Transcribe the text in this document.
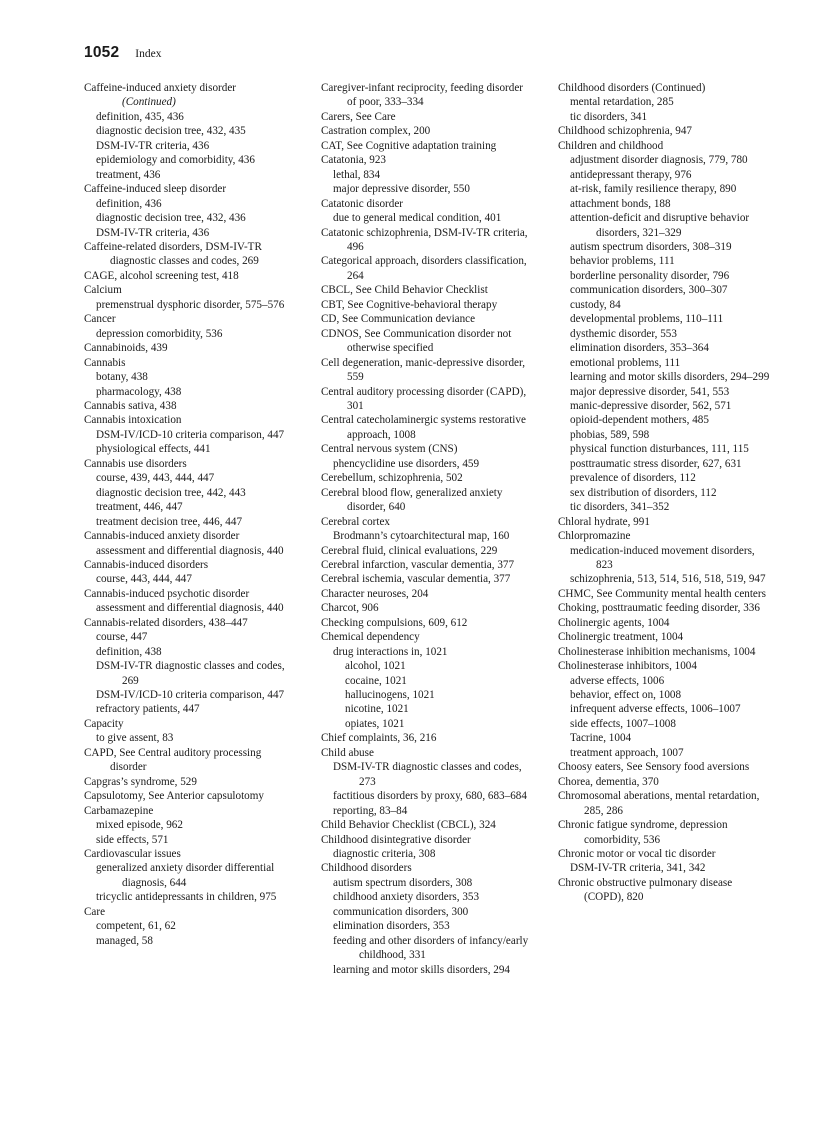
1052 Index
Caffeine-induced anxiety disorder
(Continued)
definition, 435, 436
diagnostic decision tree, 432, 435
DSM-IV-TR criteria, 436
epidemiology and comorbidity, 436
treatment, 436
Caffeine-induced sleep disorder
definition, 436
diagnostic decision tree, 432, 436
DSM-IV-TR criteria, 436
Caffeine-related disorders, DSM-IV-TR diagnostic classes and codes, 269
CAGE, alcohol screening test, 418
Calcium
premenstrual dysphoric disorder, 575–576
Cancer
depression comorbidity, 536
Cannabinoids, 439
Cannabis
botany, 438
pharmacology, 438
Cannabis sativa, 438
Cannabis intoxication
DSM-IV/ICD-10 criteria comparison, 447
physiological effects, 441
Cannabis use disorders
course, 439, 443, 444, 447
diagnostic decision tree, 442, 443
treatment, 446, 447
treatment decision tree, 446, 447
Cannabis-induced anxiety disorder
assessment and differential diagnosis, 440
Cannabis-induced disorders
course, 443, 444, 447
Cannabis-induced psychotic disorder
assessment and differential diagnosis, 440
Cannabis-related disorders, 438–447
course, 447
definition, 438
DSM-IV-TR diagnostic classes and codes, 269
DSM-IV/ICD-10 criteria comparison, 447
refractory patients, 447
Capacity
to give assent, 83
CAPD, See Central auditory processing disorder
Capgras’s syndrome, 529
Capsulotomy, See Anterior capsulotomy
Carbamazepine
mixed episode, 962
side effects, 571
Cardiovascular issues
generalized anxiety disorder differential diagnosis, 644
tricyclic antidepressants in children, 975
Care
competent, 61, 62
managed, 58
Caregiver-infant reciprocity, feeding disorder of poor, 333–334
Carers, See Care
Castration complex, 200
CAT, See Cognitive adaptation training
Catatonia, 923
lethal, 834
major depressive disorder, 550
Catatonic disorder
due to general medical condition, 401
Catatonic schizophrenia, DSM-IV-TR criteria, 496
Categorical approach, disorders classification, 264
CBCL, See Child Behavior Checklist
CBT, See Cognitive-behavioral therapy
CD, See Communication deviance
CDNOS, See Communication disorder not otherwise specified
Cell degeneration, manic-depressive disorder, 559
Central auditory processing disorder (CAPD), 301
Central catecholaminergic systems restorative approach, 1008
Central nervous system (CNS)
phencyclidine use disorders, 459
Cerebellum, schizophrenia, 502
Cerebral blood flow, generalized anxiety disorder, 640
Cerebral cortex
Brodmann’s cytoarchitectural map, 160
Cerebral fluid, clinical evaluations, 229
Cerebral infarction, vascular dementia, 377
Cerebral ischemia, vascular dementia, 377
Character neuroses, 204
Charcot, 906
Checking compulsions, 609, 612
Chemical dependency
drug interactions in, 1021
alcohol, 1021
cocaine, 1021
hallucinogens, 1021
nicotine, 1021
opiates, 1021
Chief complaints, 36, 216
Child abuse
DSM-IV-TR diagnostic classes and codes, 273
factitious disorders by proxy, 680, 683–684
reporting, 83–84
Child Behavior Checklist (CBCL), 324
Childhood disintegrative disorder
diagnostic criteria, 308
Childhood disorders
autism spectrum disorders, 308
childhood anxiety disorders, 353
communication disorders, 300
elimination disorders, 353
feeding and other disorders of infancy/early childhood, 331
learning and motor skills disorders, 294
Childhood disorders (Continued)
mental retardation, 285
tic disorders, 341
Childhood schizophrenia, 947
Children and childhood
adjustment disorder diagnosis, 779, 780
antidepressant therapy, 976
at-risk, family resilience therapy, 890
attachment bonds, 188
attention-deficit and disruptive behavior disorders, 321–329
autism spectrum disorders, 308–319
behavior problems, 111
borderline personality disorder, 796
communication disorders, 300–307
custody, 84
developmental problems, 110–111
dysthemic disorder, 553
elimination disorders, 353–364
emotional problems, 111
learning and motor skills disorders, 294–299
major depressive disorder, 541, 553
manic-depressive disorder, 562, 571
opioid-dependent mothers, 485
phobias, 589, 598
physical function disturbances, 111, 115
posttraumatic stress disorder, 627, 631
prevalence of disorders, 112
sex distribution of disorders, 112
tic disorders, 341–352
Chloral hydrate, 991
Chlorpromazine
medication-induced movement disorders, 823
schizophrenia, 513, 514, 516, 518, 519, 947
CHMC, See Community mental health centers
Choking, posttraumatic feeding disorder, 336
Cholinergic agents, 1004
Cholinergic treatment, 1004
Cholinesterase inhibition mechanisms, 1004
Cholinesterase inhibitors, 1004
adverse effects, 1006
behavior, effect on, 1008
infrequent adverse effects, 1006–1007
side effects, 1007–1008
Tacrine, 1004
treatment approach, 1007
Choosy eaters, See Sensory food aversions
Chorea, dementia, 370
Chromosomal aberations, mental retardation, 285, 286
Chronic fatigue syndrome, depression comorbidity, 536
Chronic motor or vocal tic disorder
DSM-IV-TR criteria, 341, 342
Chronic obstructive pulmonary disease (COPD), 820
